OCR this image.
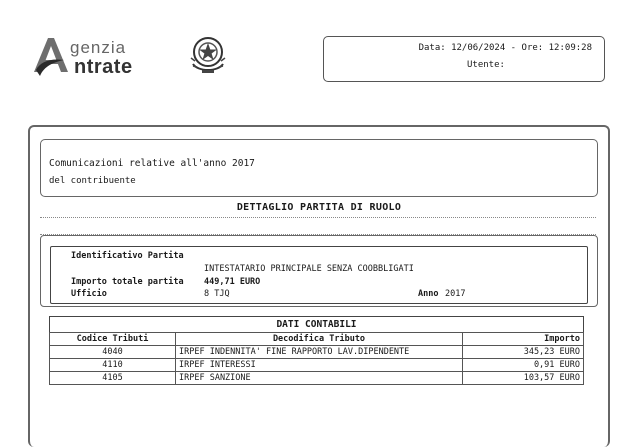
genzia
ntrate
Data: 12/06/2024 - Ore: 12:09:28
Utente:
Comunicazioni relative all'anno 2017
del contribuente
DETTAGLIO PARTITA DI RUOLO
Identificativo Partita
INTESTATARIO PRINCIPALE SENZA COOBBLIGATI
Importo totale partita 449,71 EURO
Ufficio	8 TJQ	Anno 2017
DATI CONTABILI
Codice Tributi	Decodifica Tributo	Importo
4040	IRPEF INDENNITA' FINE RAPPORTO LAV.DIPENDENTE	345,23 EURO
4110	IRPEF INTERESSI	0,91 EURO
4105	IRPEF SANZIONE	103,57 EURO
